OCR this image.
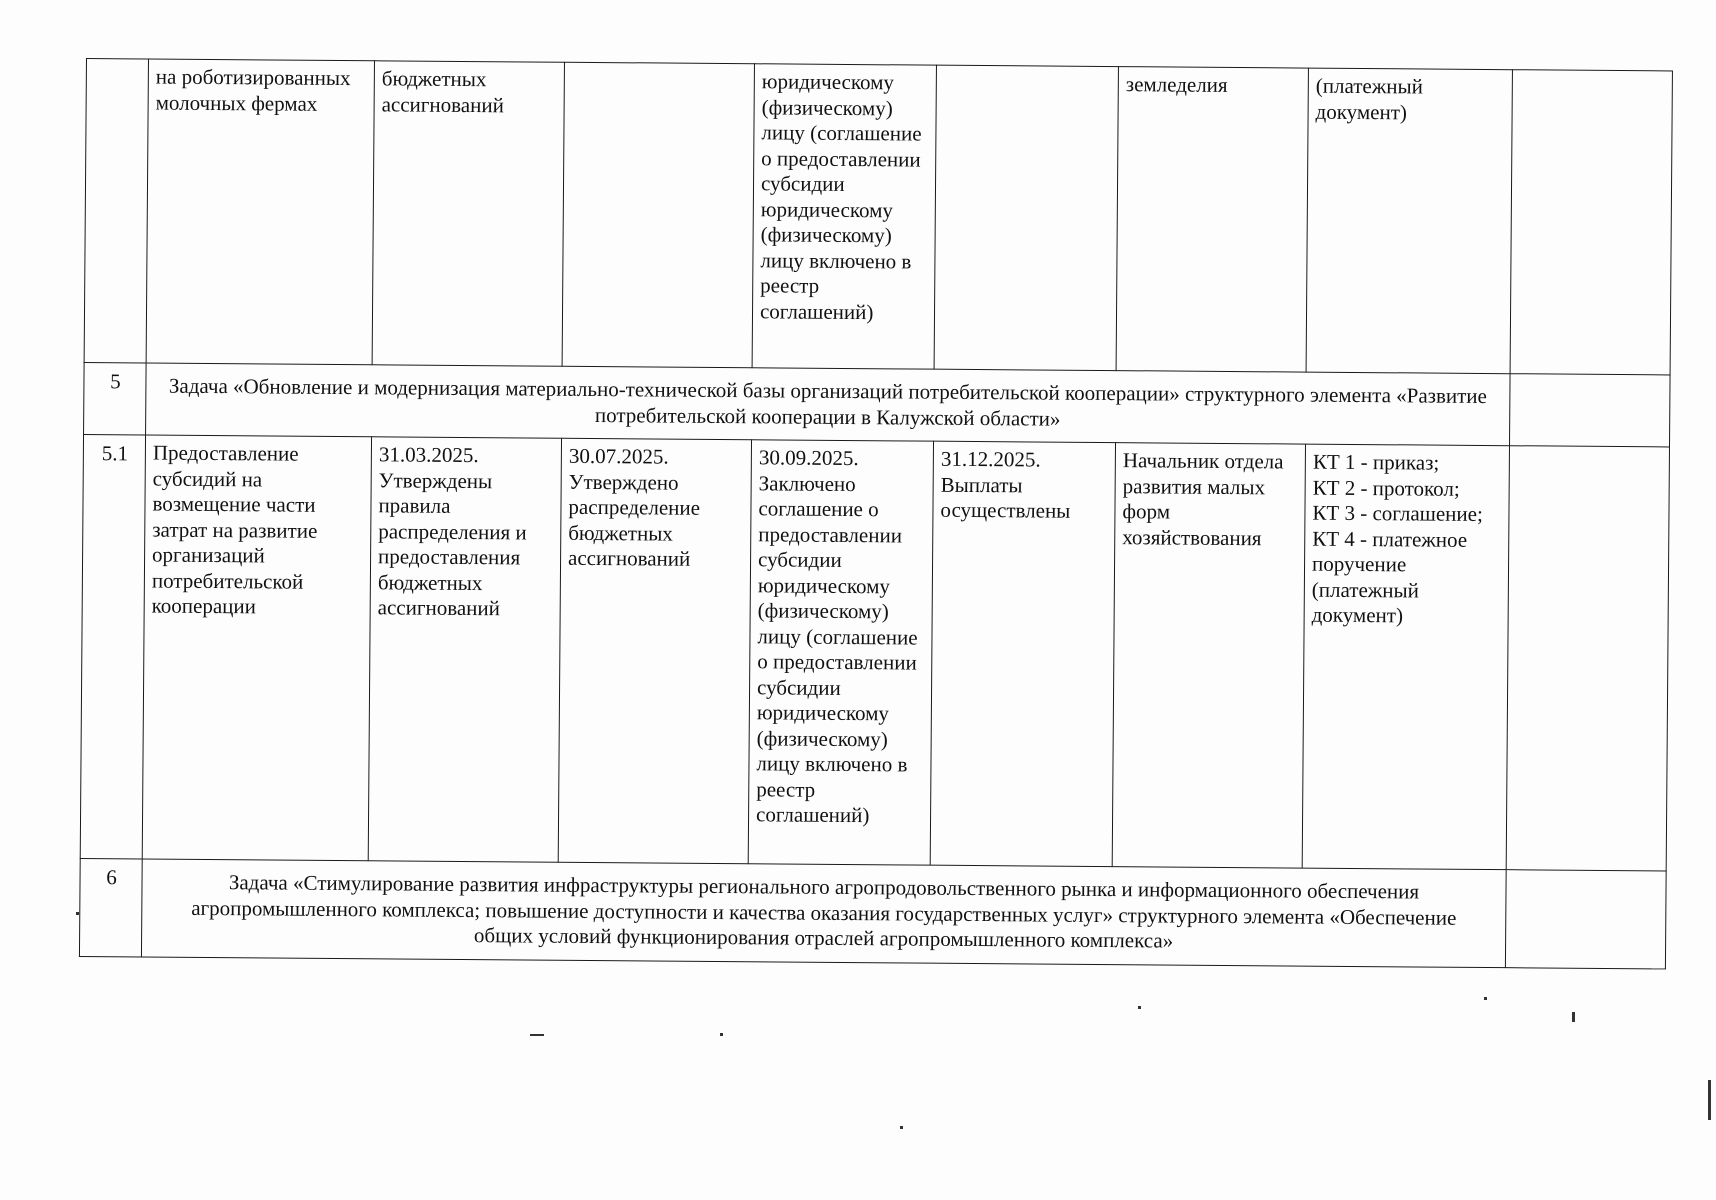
	на роботизированных молочных фермах	бюджетных ассигнований		юридическому (физическому) лицу (соглашение о предоставлении субсидии юридическому (физическому) лицу включено в реестр соглашений)		земледелия	(платежный документ)	
5	Задача «Обновление и модернизация материально-технической базы организаций потребительской кооперации» структурного элемента «Развитие потребительской кооперации в Калужской области»							
5.1	Предоставление субсидий на возмещение части затрат на развитие организаций потребительской кооперации	31.03.2025. Утверждены правила распределения и предоставления бюджетных ассигнований	30.07.2025. Утверждено распределение бюджетных ассигнований	30.09.2025. Заключено соглашение о предоставлении субсидии юридическому (физическому) лицу (соглашение о предоставлении субсидии юридическому (физическому) лицу включено в реестр соглашений)	31.12.2025. Выплаты осуществлены	Начальник отдела развития малых форм хозяйствования	КТ 1 - приказ;
КТ 2 - протокол;
КТ 3 - соглашение;
КТ 4 - платежное поручение (платежный документ)	

6	Задача «Стимулирование развития инфраструктуры регионального агропродовольственного рынка и информационного обеспечения агропромышленного комплекса; повышение доступности и качества оказания государственных услуг» структурного элемента «Обеспечение общих условий функционирования отраслей агропромышленного комплекса»							
